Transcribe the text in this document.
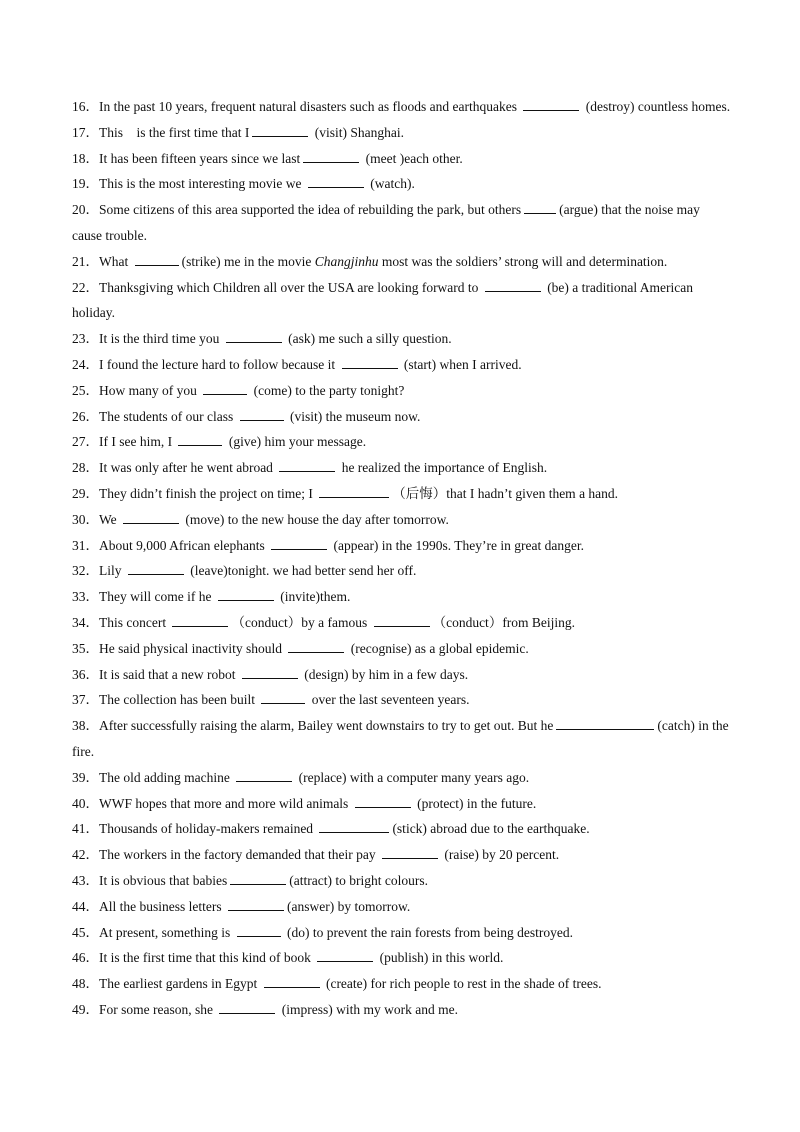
16．In the past 10 years, frequent natural disasters such as floods and earthquakes	(destroy) countless homes.

17．This　is the first time that I	(visit) Shanghai.

18．It has been fifteen years since we last	(meet )each other.

19．This is the most interesting movie we	(watch).

20．Some citizens of this area supported the idea of rebuilding the park, but others	(argue) that the noise may cause trouble.

21．What	(strike) me in the movie Changjinhu most was the soldiers’ strong will and determination.

22．Thanksgiving which Children all over the USA are looking forward to	(be) a traditional American holiday.

23．It is the third time you	(ask) me such a silly question.

24．I found the lecture hard to follow because it	(start) when I arrived.

25．How many of you	(come) to the party tonight?

26．The students of our class	(visit) the museum now.

27．If I see him, I	(give) him your message.

28．It was only after he went abroad	he realized the importance of English.

29．They didn’t finish the project on time; I	（后悔）that I hadn’t given them a hand.

30．We	(move) to the new house the day after tomorrow.

31．About 9,000 African elephants	(appear) in the 1990s. They’re in great danger.

32．Lily	(leave)tonight. we had better send her off.

33．They will come if he	(invite)them.

34．This concert	（conduct）by a famous	（conduct）from Beijing.

35．He said physical inactivity should	(recognise) as a global epidemic.

36．It is said that a new robot	(design) by him in a few days.

37．The collection has been built	over the last seventeen years.

38．After successfully raising the alarm, Bailey went downstairs to try to get out. But he	(catch) in the fire.

39．The old adding machine	(replace) with a computer many years ago.

40．WWF hopes that more and more wild animals	(protect) in the future.

41．Thousands of holiday-makers remained	(stick) abroad due to the earthquake.

42．The workers in the factory demanded that their pay	(raise) by 20 percent.

43．It is obvious that babies	(attract) to bright colours.

44．All the business letters	(answer) by tomorrow.

45．At present, something is	(do) to prevent the rain forests from being destroyed.

46．It is the first time that this kind of book	(publish) in this world.

48．The earliest gardens in Egypt	(create) for rich people to rest in the shade of trees.

49．For some reason, she	(impress) with my work and me.
